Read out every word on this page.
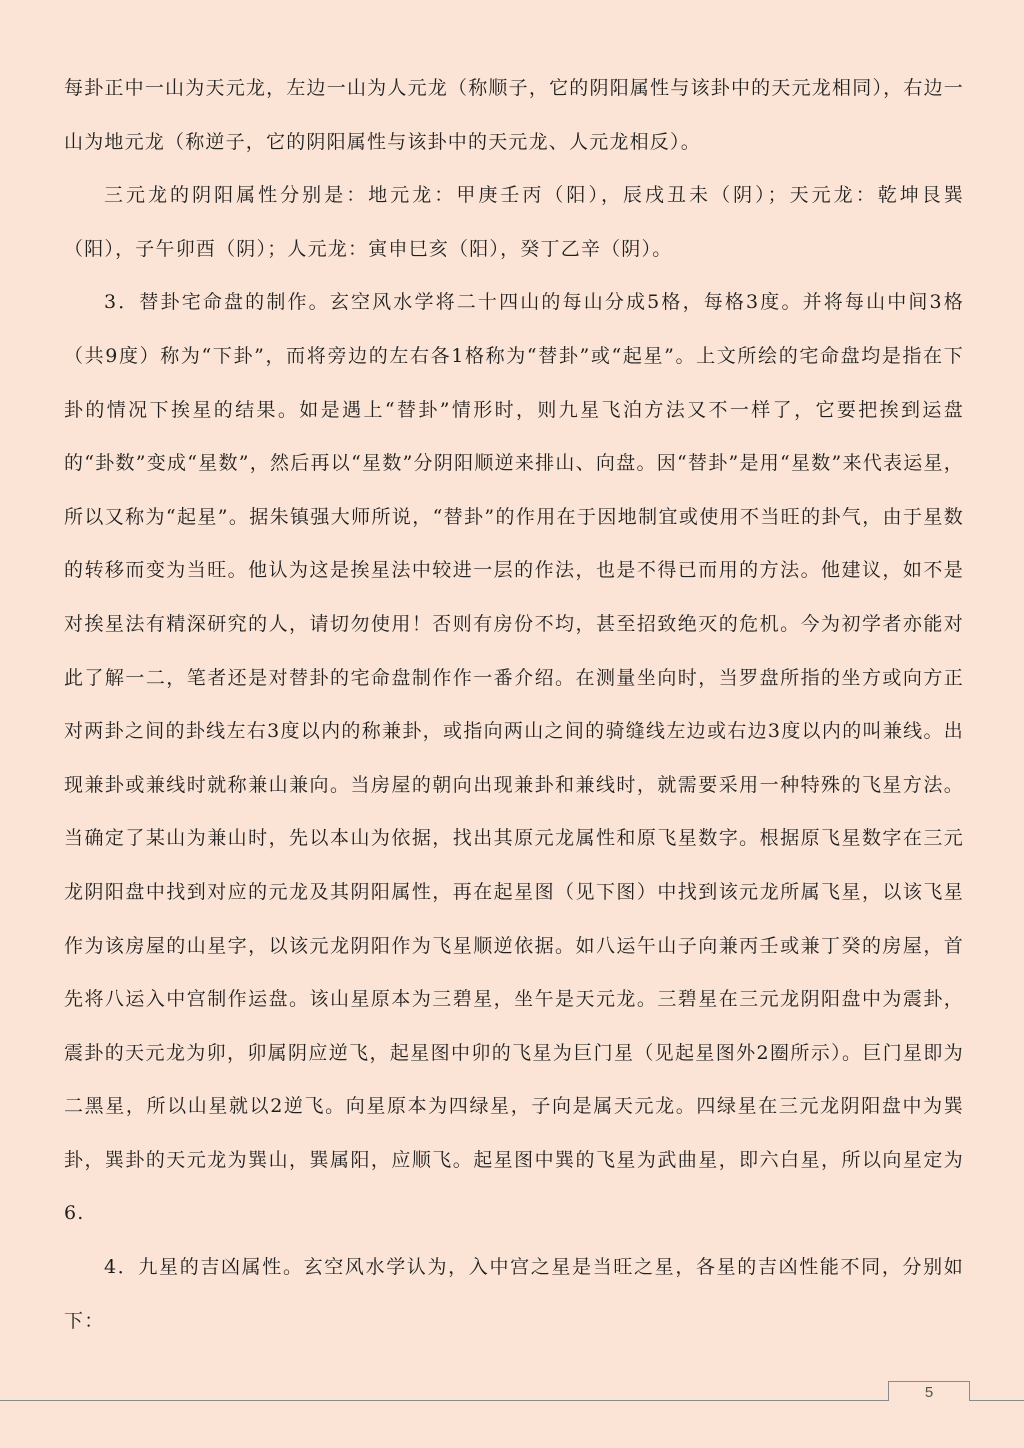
每卦正中一山为天元龙，左边一山为人元龙（称顺子，它的阴阳属性与该卦中的天元龙相同），右边一山为地元龙（称逆子，它的阴阳属性与该卦中的天元龙、人元龙相反）。

三元龙的阴阳属性分别是：地元龙：甲庚壬丙（阳），辰戌丑未（阴）；天元龙：乾坤艮巽（阳），子午卯酉（阴）；人元龙：寅申巳亥（阳），癸丁乙辛（阴）。

3．替卦宅命盘的制作。玄空风水学将二十四山的每山分成5格，每格3度。并将每山中间3格（共9度）称为“下卦”，而将旁边的左右各1格称为“替卦”或“起星”。上文所绘的宅命盘均是指在下卦的情况下挨星的结果。如是遇上“替卦”情形时，则九星飞泊方法又不一样了，它要把挨到运盘的“卦数”变成“星数”，然后再以“星数”分阴阳顺逆来排山、向盘。因“替卦”是用“星数”来代表运星，所以又称为“起星”。据朱镇强大师所说，“替卦”的作用在于因地制宜或使用不当旺的卦气，由于星数的转移而变为当旺。他认为这是挨星法中较进一层的作法，也是不得已而用的方法。他建议，如不是对挨星法有精深研究的人，请切勿使用！否则有房份不均，甚至招致绝灭的危机。今为初学者亦能对此了解一二，笔者还是对替卦的宅命盘制作作一番介绍。在测量坐向时，当罗盘所指的坐方或向方正对两卦之间的卦线左右3度以内的称兼卦，或指向两山之间的骑缝线左边或右边3度以内的叫兼线。出现兼卦或兼线时就称兼山兼向。当房屋的朝向出现兼卦和兼线时，就需要采用一种特殊的飞星方法。当确定了某山为兼山时，先以本山为依据，找出其原元龙属性和原飞星数字。根据原飞星数字在三元龙阴阳盘中找到对应的元龙及其阴阳属性，再在起星图（见下图）中找到该元龙所属飞星，以该飞星作为该房屋的山星字，以该元龙阴阳作为飞星顺逆依据。如八运午山子向兼丙壬或兼丁癸的房屋，首先将八运入中宫制作运盘。该山星原本为三碧星，坐午是天元龙。三碧星在三元龙阴阳盘中为震卦，震卦的天元龙为卯，卯属阴应逆飞，起星图中卯的飞星为巨门星（见起星图外2圈所示）。巨门星即为二黑星，所以山星就以2逆飞。向星原本为四绿星，子向是属天元龙。四绿星在三元龙阴阳盘中为巽卦，巽卦的天元龙为巽山，巽属阳，应顺飞。起星图中巽的飞星为武曲星，即六白星，所以向星定为6.

4．九星的吉凶属性。玄空风水学认为，入中宫之星是当旺之星，各星的吉凶性能不同，分别如下：

5
